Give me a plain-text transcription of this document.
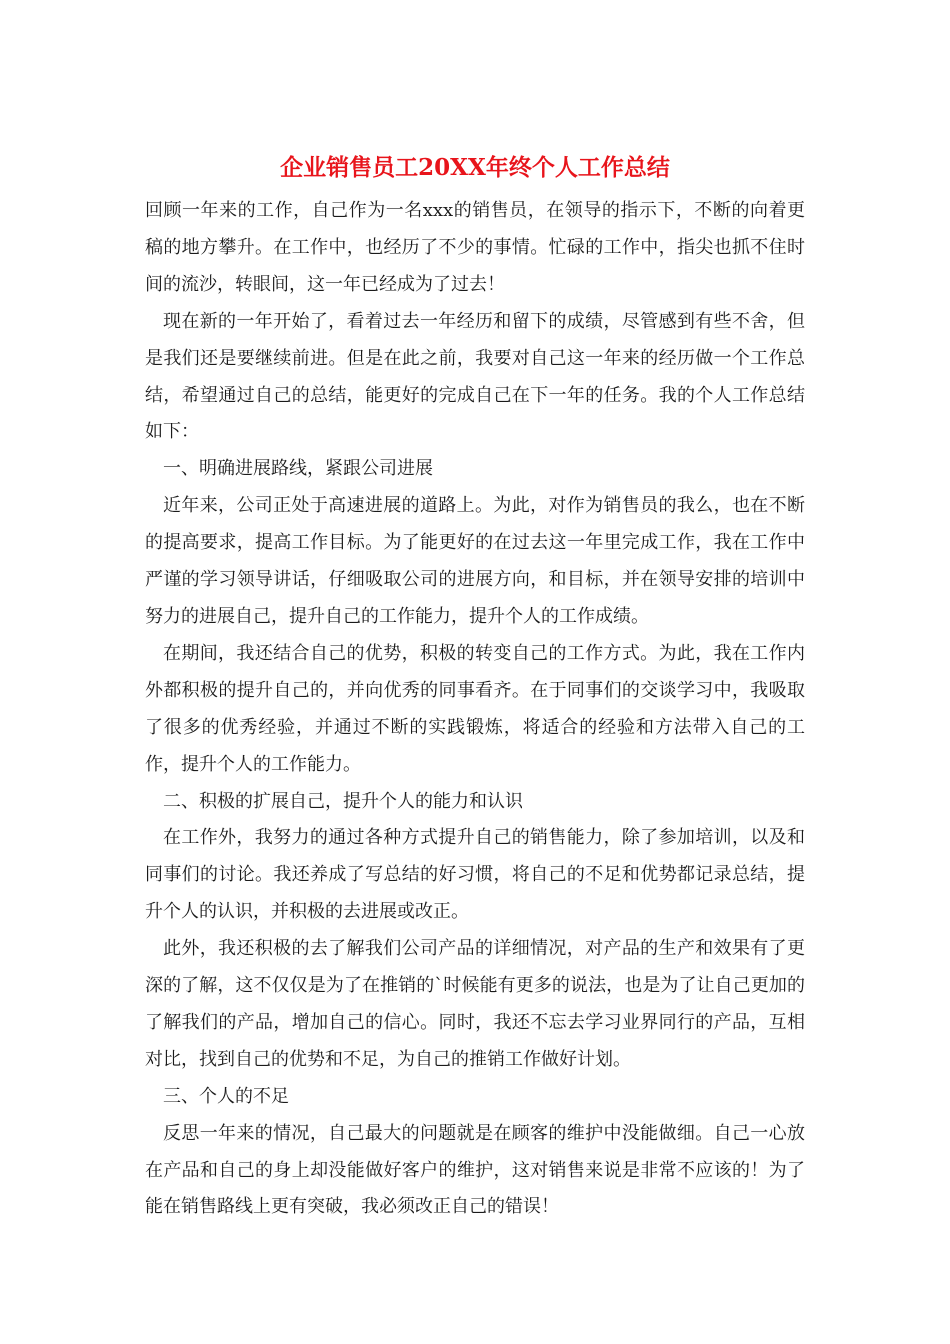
企业销售员工20XX年终个人工作总结

回顾一年来的工作，自己作为一名xxx的销售员，在领导的指示下，不断的向着更稿的地方攀升。在工作中，也经历了不少的事情。忙碌的工作中，指尖也抓不住时间的流沙，转眼间，这一年已经成为了过去！

现在新的一年开始了，看着过去一年经历和留下的成绩，尽管感到有些不舍，但是我们还是要继续前进。但是在此之前，我要对自己这一年来的经历做一个工作总结，希望通过自己的总结，能更好的完成自己在下一年的任务。我的个人工作总结如下：

一、明确进展路线，紧跟公司进展

近年来，公司正处于高速进展的道路上。为此，对作为销售员的我么，也在不断的提高要求，提高工作目标。为了能更好的在过去这一年里完成工作，我在工作中严谨的学习领导讲话，仔细吸取公司的进展方向，和目标，并在领导安排的培训中努力的进展自己，提升自己的工作能力，提升个人的工作成绩。

在期间，我还结合自己的优势，积极的转变自己的工作方式。为此，我在工作内外都积极的提升自己的，并向优秀的同事看齐。在于同事们的交谈学习中，我吸取了很多的优秀经验，并通过不断的实践锻炼，将适合的经验和方法带入自己的工作，提升个人的工作能力。

二、积极的扩展自己，提升个人的能力和认识

在工作外，我努力的通过各种方式提升自己的销售能力，除了参加培训，以及和同事们的讨论。我还养成了写总结的好习惯，将自己的不足和优势都记录总结，提升个人的认识，并积极的去进展或改正。

此外，我还积极的去了解我们公司产品的详细情况，对产品的生产和效果有了更深的了解，这不仅仅是为了在推销的`时候能有更多的说法，也是为了让自己更加的了解我们的产品，增加自己的信心。同时，我还不忘去学习业界同行的产品，互相对比，找到自己的优势和不足，为自己的推销工作做好计划。

三、个人的不足

反思一年来的情况，自己最大的问题就是在顾客的维护中没能做细。自己一心放在产品和自己的身上却没能做好客户的维护，这对销售来说是非常不应该的！为了能在销售路线上更有突破，我必须改正自己的错误！
